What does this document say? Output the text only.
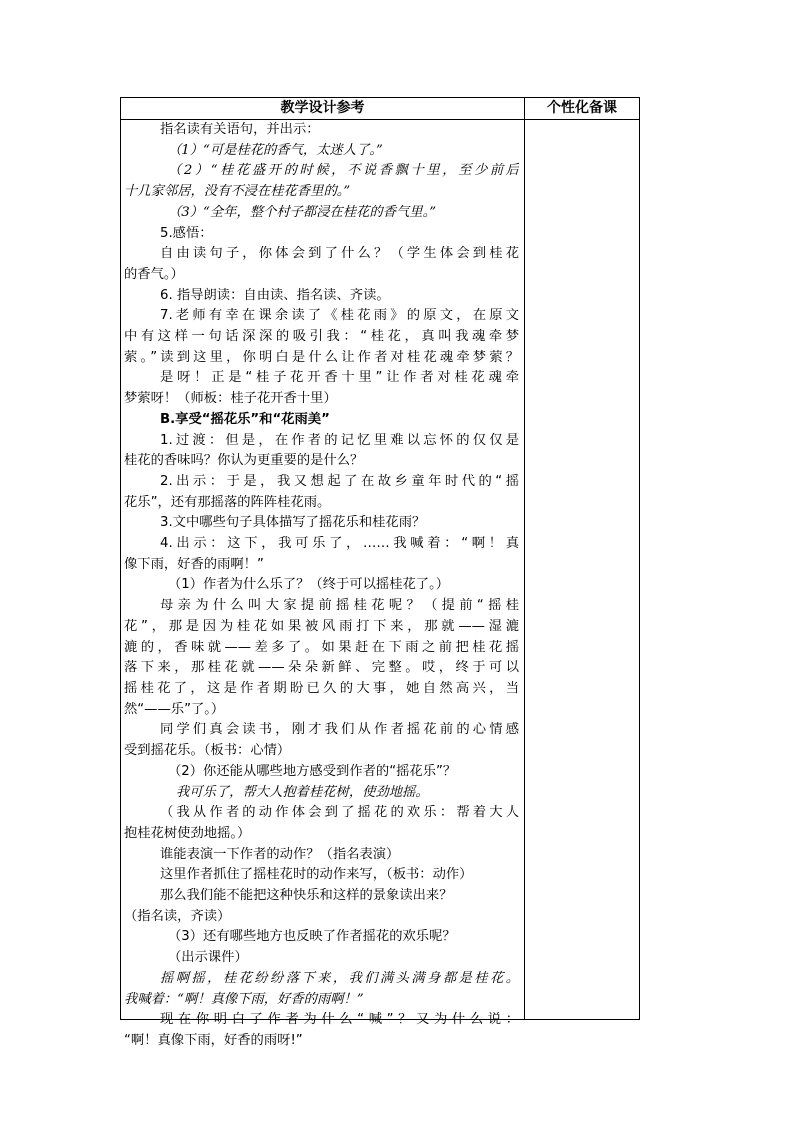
教学设计参考	个性化备课
指名读有关语句，并出示：
（1）“可是桂花的香气，太迷人了。”
（2）“桂花盛开的时候，不说香飘十里，至少前后
十几家邻居，没有不浸在桂花香里的。”
（3）“全年，整个村子都浸在桂花的香气里。”
5.感悟：
自由读句子，你体会到了什么？（学生体会到桂花
的香气。）
6. 指导朗读：自由读、指名读、齐读。
7.老师有幸在课余读了《桂花雨》的原文，在原文
中有这样一句话深深的吸引我：“桂花，真叫我魂牵梦
萦。”读到这里，你明白是什么让作者对桂花魂牵梦萦？
是呀！正是“桂子花开香十里”让作者对桂花魂牵
梦萦呀！（师板：桂子花开香十里）
B.享受“摇花乐”和“花雨美”
1.过渡：但是，在作者的记忆里难以忘怀的仅仅是
桂花的香味吗？你认为更重要的是什么？
2.出示：于是，我又想起了在故乡童年时代的“摇
花乐”，还有那摇落的阵阵桂花雨。
3.文中哪些句子具体描写了摇花乐和桂花雨？
4.出示：这下，我可乐了，……我喊着：“啊！真
像下雨，好香的雨啊！”
（1）作者为什么乐了？（终于可以摇桂花了。）
母亲为什么叫大家提前摇桂花呢？（提前“摇桂
花”，那是因为桂花如果被风雨打下来，那就——湿漉
漉的，香味就——差多了。如果赶在下雨之前把桂花摇
落下来，那桂花就——朵朵新鲜、完整。哎，终于可以
摇桂花了，这是作者期盼已久的大事，她自然高兴，当
然“——乐”了。）
同学们真会读书，刚才我们从作者摇花前的心情感
受到摇花乐。（板书：心情）
（2）你还能从哪些地方感受到作者的“摇花乐”？
我可乐了，帮大人抱着桂花树，使劲地摇。
（我从作者的动作体会到了摇花的欢乐：帮着大人
抱桂花树使劲地摇。）
谁能表演一下作者的动作？（指名表演）
这里作者抓住了摇桂花时的动作来写，（板书：动作）
那么我们能不能把这种快乐和这样的景象读出来？
（指名读，齐读）
（3）还有哪些地方也反映了作者摇花的欢乐呢？
（出示课件）
摇啊摇，桂花纷纷落下来，我们满头满身都是桂花。
我喊着：“啊！真像下雨，好香的雨啊！”
现在你明白了作者为什么“喊”？又为什么说：
“啊！真像下雨，好香的雨呀!”
